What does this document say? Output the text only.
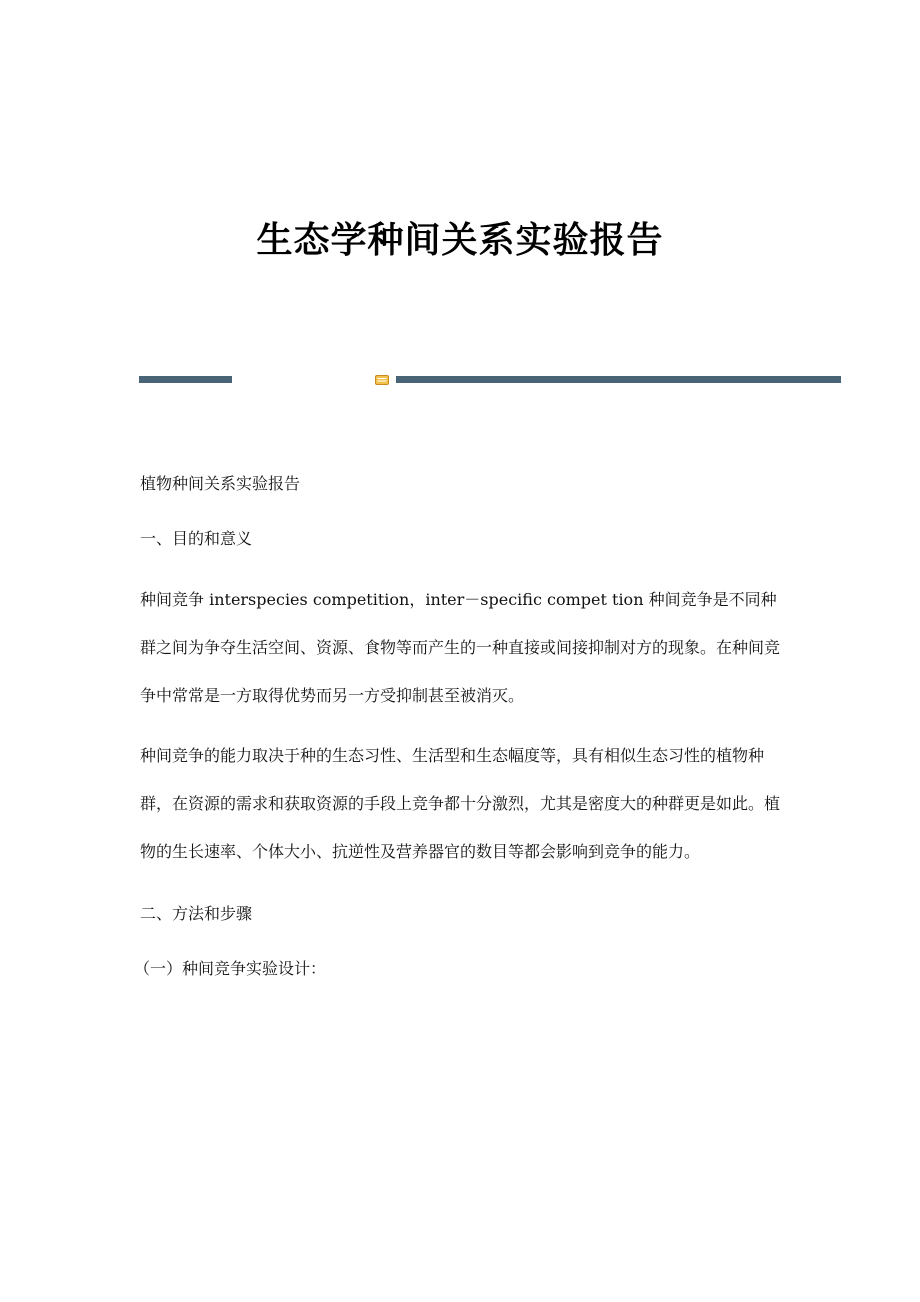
生态学种间关系实验报告

植物种间关系实验报告

一、目的和意义

种间竞争 interspecies competition，inter－specific compet tion 种间竞争是不同种群之间为争夺生活空间、资源、食物等而产生的一种直接或间接抑制对方的现象。在种间竞争中常常是一方取得优势而另一方受抑制甚至被消灭。

种间竞争的能力取决于种的生态习性、生活型和生态幅度等，具有相似生态习性的植物种群，在资源的需求和获取资源的手段上竞争都十分激烈，尤其是密度大的种群更是如此。植物的生长速率、个体大小、抗逆性及营养器官的数目等都会影响到竞争的能力。

二、方法和步骤

（一）种间竞争实验设计：
